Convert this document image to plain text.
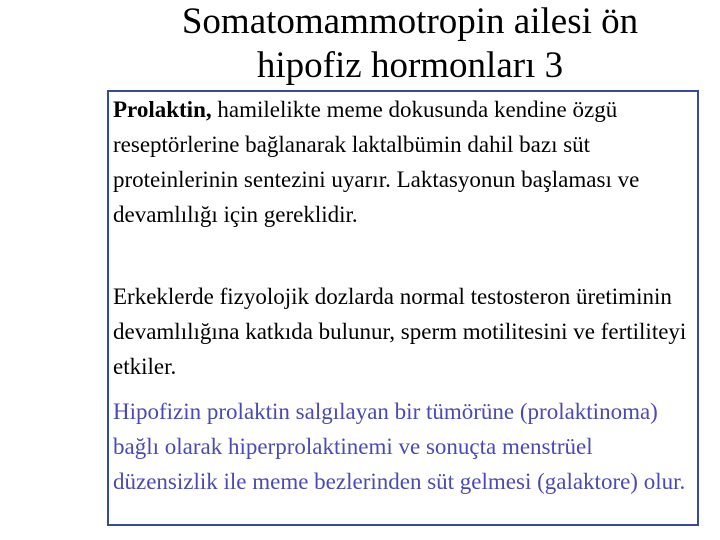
Somatomammotropin ailesi ön
hipofiz hormonları 3
Prolaktin, hamilelikte meme dokusunda kendine özgü reseptörlerine bağlanarak laktalbümin dahil bazı süt proteinlerinin sentezini uyarır. Laktasyonun başlaması ve devamlılığı için gereklidir.
Erkeklerde fizyolojik dozlarda normal testosteron üretiminin devamlılığına katkıda bulunur, sperm motilitesini ve fertiliteyi etkiler.
Hipofizin prolaktin salgılayan bir tümörüne (prolaktinoma) bağlı olarak hiperprolaktinemi ve sonuçta menstrüel düzensizlik ile meme bezlerinden süt gelmesi (galaktore) olur.
